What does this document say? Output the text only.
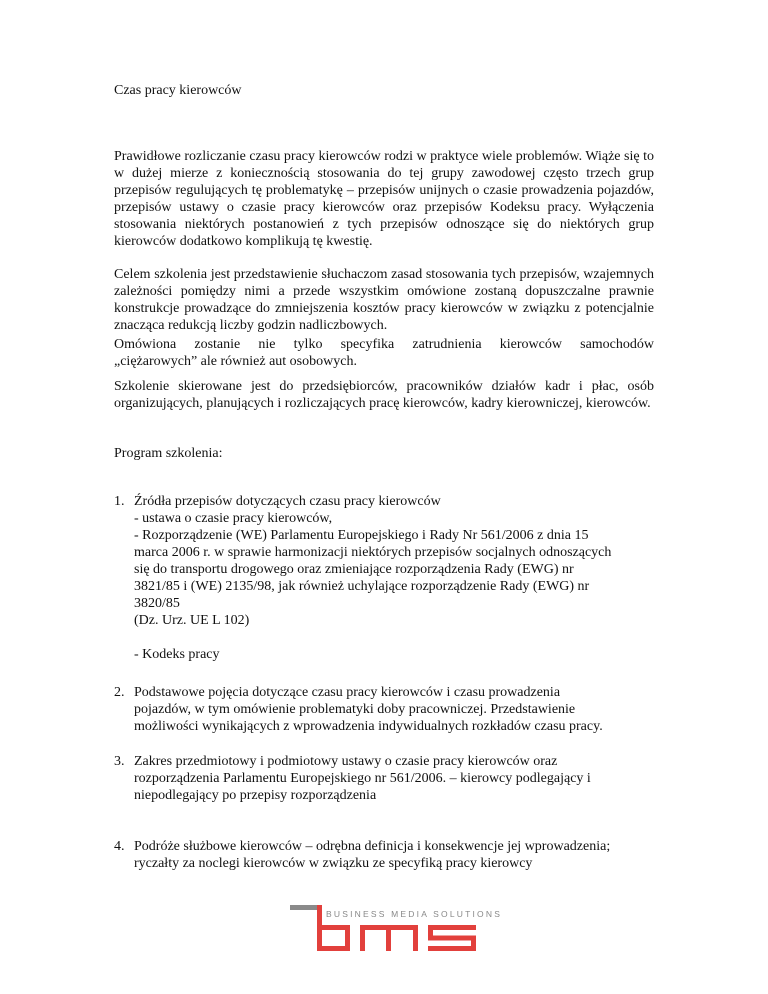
Czas pracy kierowców
Prawidłowe rozliczanie czasu pracy kierowców rodzi w praktyce wiele problemów. Wiąże się to w dużej mierze z koniecznością stosowania do tej grupy zawodowej często trzech grup przepisów regulujących tę problematykę – przepisów unijnych o czasie prowadzenia pojazdów, przepisów ustawy o czasie pracy kierowców oraz przepisów Kodeksu pracy. Wyłączenia stosowania niektórych postanowień z tych przepisów odnoszące się do niektórych grup kierowców dodatkowo komplikują tę kwestię.
Celem szkolenia jest przedstawienie słuchaczom zasad stosowania tych przepisów, wzajemnych zależności pomiędzy nimi a przede wszystkim omówione zostaną dopuszczalne prawnie konstrukcje prowadzące do zmniejszenia kosztów pracy kierowców w związku z potencjalnie znacząca redukcją liczby godzin nadliczbowych.
Omówiona zostanie nie tylko specyfika zatrudnienia kierowców samochodów
„ciężarowych” ale również aut osobowych.
Szkolenie skierowane jest do przedsiębiorców, pracowników działów kadr i płac, osób organizujących, planujących i rozliczających pracę kierowców, kadry kierowniczej, kierowców.
Program szkolenia:
1. Źródła przepisów dotyczących czasu pracy kierowców
- ustawa o czasie pracy kierowców,
- Rozporządzenie (WE) Parlamentu Europejskiego i Rady Nr 561/2006 z dnia 15
marca 2006 r. w sprawie harmonizacji niektórych przepisów socjalnych odnoszących
się do transportu drogowego oraz zmieniające rozporządzenia Rady (EWG) nr
3821/85 i (WE) 2135/98, jak również uchylające rozporządzenie Rady (EWG) nr
3820/85
(Dz. Urz. UE L 102)
- Kodeks pracy
2. Podstawowe pojęcia dotyczące czasu pracy kierowców i czasu prowadzenia
pojazdów, w tym omówienie problematyki doby pracowniczej. Przedstawienie
możliwości wynikających z wprowadzenia indywidualnych rozkładów czasu pracy.
3. Zakres przedmiotowy i podmiotowy ustawy o czasie pracy kierowców oraz
rozporządzenia Parlamentu Europejskiego nr 561/2006. – kierowcy podlegający i
niepodlegający po przepisy rozporządzenia
4. Podróże służbowe kierowców – odrębna definicja i konsekwencje jej wprowadzenia;
ryczałty za noclegi kierowców w związku ze specyfiką pracy kierowcy
BUSINESS MEDIA SOLUTIONS
